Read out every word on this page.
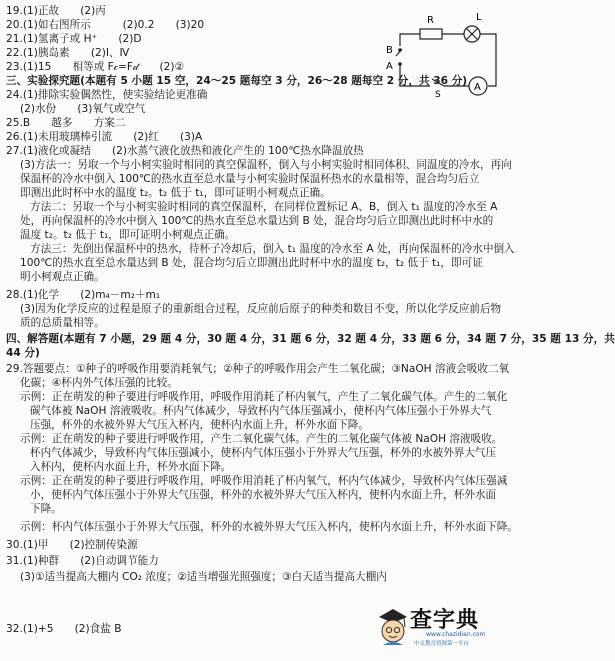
19.(1)正故　　(2)丙
20.(1)如右图所示　　　(2)0.2　　(3)20
21.(1)氢离子或 H⁺　　(2)D
22.(1)胰岛素　　(2)Ⅰ、Ⅳ
23.(1)15　　相等或 F𝒸=F𝒹　　(2)②
三、实验探究题(本题有 5 小题 15 空，24～25 题每空 3 分，26～28 题每空 2 分，共 36 分)
24.(1)排除实验偶然性，使实验结论更准确
(2)水份　　(3)氧气或空气
25.B　　越多　　方案二
26.(1)未用玻璃棒引流　　(2)红　　(3)A
27.(1)液化或凝结　　(2)水蒸气液化放热和液化产生的 100℃热水降温放热
(3)方法一：另取一个与小柯实验时相同的真空保温杯，倒入与小柯实验时相同体积、同温度的冷水，再向
保温杯的冷水中倒入 100℃的热水直至总水量与小柯实验时保温杯热水的水量相等，混合均匀后立
即测出此时杯中水的温度 t₂。t₂ 低于 t₁，即可证明小柯观点正确。
方法二：另取一个与小柯实验时相同的真空保温杯，在同样位置标记 A、B，倒入 t₁ 温度的冷水至 A
处，再向保温杯的冷水中倒入 100℃的热水直至总水量达到 B 处，混合均匀后立即测出此时杯中水的
温度 t₂。t₂ 低于 t₁，即可证明小柯观点正确。
方法三：先倒出保温杯中的热水，待杯子冷却后，倒入 t₁ 温度的冷水至 A 处，再向保温杯的冷水中倒入
100℃的热水直至总水量达到 B 处，混合均匀后立即测出此时杯中水的温度 t₂，t₂ 低于 t₁，即可证
明小柯观点正确。
28.(1)化学　　(2)m₄－m₂＋m₁
(3)因为化学反应的过程是原子的重新组合过程，反应前后原子的种类和数目不变，所以化学反应前后物
质的总质量相等。
四、解答题(本题有 7 小题，29 题 4 分，30 题 4 分，31 题 6 分，32 题 4 分，33 题 6 分，34 题 7 分，35 题 13 分，共
44 分)
29.答题要点：①种子的呼吸作用要消耗氧气；②种子的呼吸作用会产生二氧化碳；③NaOH 溶液会吸收二氧
化碳；④杯内外气体压强的比较。
示例：正在萌发的种子要进行呼吸作用，呼吸作用消耗了杯内氧气，产生了二氧化碳气体。产生的二氧化
碳气体被 NaOH 溶液吸收。杯内气体减少，导致杯内气体压强减小，使杯内气体压强小于外界大气
压强，杯外的水被外界大气压入杯内，使杯内水面上升，杯外水面下降。
示例：正在萌发的种子要进行呼吸作用，产生二氧化碳气体。产生的二氧化碳气体被 NaOH 溶液吸收。
杯内气体减少，导致杯内气体压强减小，使杯内气体压强小于外界大气压强，杯外的水被外界大气压
入杯内，使杯内水面上升，杯外水面下降。
示例：正在萌发的种子要进行呼吸作用，呼吸作用消耗了杯内氧气，杯内气体减少，导致杯内气体压强减
小，使杯内气体压强小于外界大气压强，杯外的水被外界大气压入杯内，使杯内水面上升，杯外水面
下降。
示例：杯内气体压强小于外界大气压强，杯外的水被外界大气压入杯内，使杯内水面上升，杯外水面下降。
30.(1)甲　　(2)控制传染源
31.(1)种群　　(2)自动调节能力
(3)①适当提高大棚内 CO₂ 浓度；②适当增强光照强度；③白天适当提高大棚内
32.(1)+5　　(2)食盐 B
B
A
R	L
A
S
查字典
www.chazidian.com
中文教育资源第一平台
